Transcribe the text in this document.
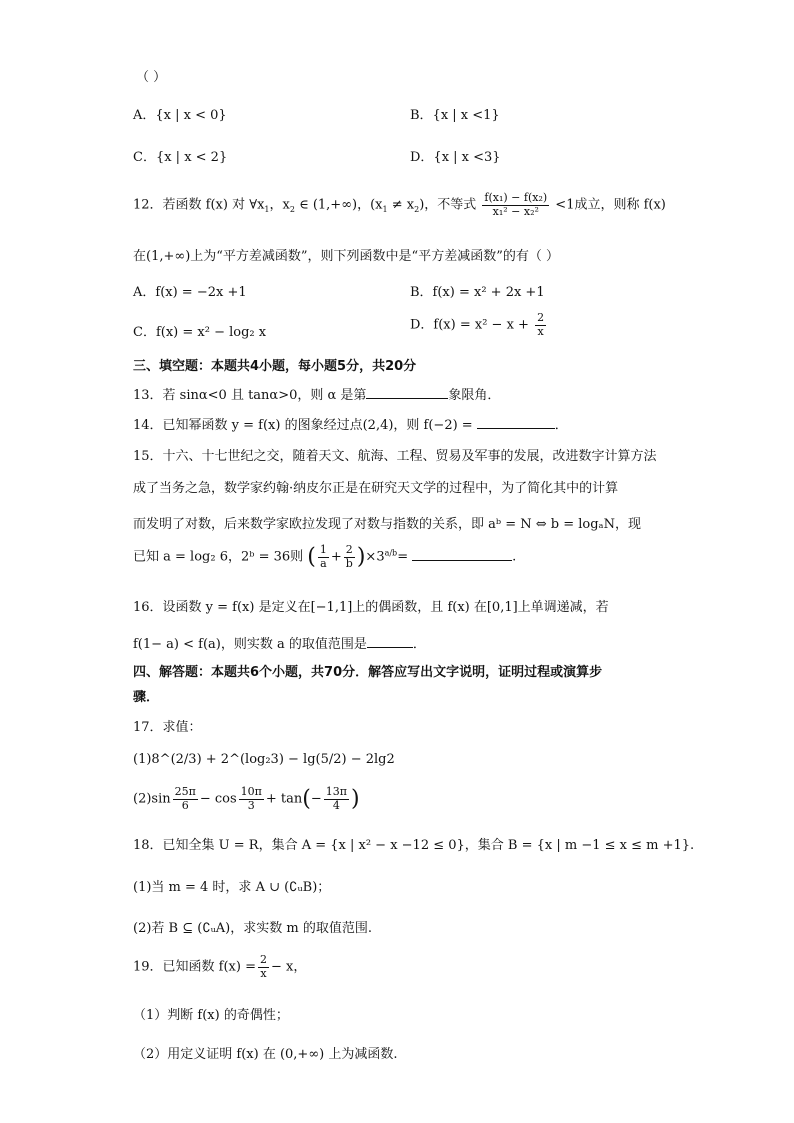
（ ）
A．{x | x < 0}	B．{x | x <1}
C．{x | x < 2}	D．{x | x <3}
12．若函数 f(x) 对 $\forall x_1$，$x_2$ ∈ (1,+∞)，$(x_1 \ne x_2)$，不等式 $\frac{\text{f(x₁) − f(x₂)}}{\text{x₁² − x₂²}} <1$成立，则称 f(x)
在(1,+∞)上为“平方差减函数”，则下列函数中是“平方差减函数”的有（ ）
A．f(x) = −2x +1	B．f(x) = x² + 2x +1
C．f(x) = x² − log₂ x	D．$f(x) = x^2 - x + \frac{2}{x}$
三、填空题：本题共4小题，每小题5分，共20分
13．若 sinα<0 且 tanα>0，则 α 是第	象限角．
14．已知幂函数 y = f(x) 的图象经过点(2,4)，则 f(−2) =	．
15．十六、十七世纪之交，随着天文、航海、工程、贸易及军事的发展，改进数字计算方法
成了当务之急，数学家约翰·纳皮尔正是在研究天文学的过程中，为了简化其中的计算
而发明了对数，后来数学家欧拉发现了对数与指数的关系，即 aᵇ = N ⇔ b = logₐN，现
已知 a = log₂ 6，2ᵇ = 36则 ( $\frac{1}{a} + \frac{2}{b} )\times 3^{a/b}=$	.
16．设函数 y = f(x) 是定义在[−1,1]上的偶函数，且 f(x) 在[0,1]上单调递减，若
f(1− a) < f(a)，则实数 a 的取值范围是	．
四、解答题：本题共6个小题，共70分．解答应写出文字说明，证明过程或演算步
骤．
17．求值：
(1)8^(2/3) + 2^(log₂3) − lg(5/2) − 2lg2
$(2)\sin \frac{25\pi}{6} - \cos \frac{10\pi}{3} + \tan(- \frac{13\pi}{4}$ )
18．已知全集 U = R，集合 A = {x | x² − x −12 ≤ 0}，集合 B = {x | m −1 ≤ x ≤ m +1}.
(1)当 m = 4 时，求 A ∪ (∁ᵤB)；
(2)若 B ⊆ (∁ᵤA)，求实数 m 的取值范围.
19．已知函数 $f(x) = \frac{2}{x} - x$，
（1）判断 f(x) 的奇偶性；
（2）用定义证明 f(x) 在 (0,+∞) 上为减函数.
